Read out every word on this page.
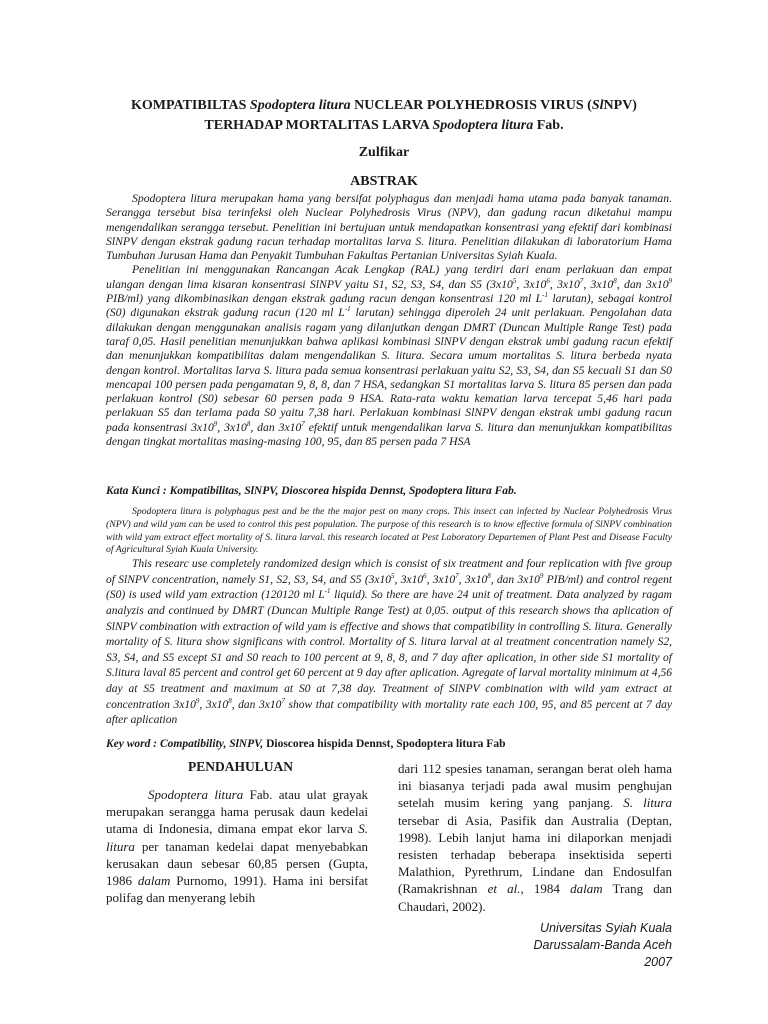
KOMPATIBILTAS Spodoptera litura NUCLEAR POLYHEDROSIS VIRUS (SlNPV)
TERHADAP MORTALITAS LARVA Spodoptera litura Fab.
Zulfikar
ABSTRAK

Spodoptera litura merupakan hama yang bersifat polyphagus dan menjadi hama utama pada banyak tanaman. Serangga tersebut bisa terinfeksi oleh Nuclear Polyhedrosis Virus (NPV), dan gadung racun diketahui mampu mengendalikan serangga tersebut. Penelitian ini bertujuan untuk mendapatkan konsentrasi yang efektif dari kombinasi SlNPV dengan ekstrak gadung racun terhadap mortalitas larva S. litura. Penelitian dilakukan di laboratorium Hama Tumbuhan Jurusan Hama dan Penyakit Tumbuhan Fakultas Pertanian Universitas Syiah Kuala.

Penelitian ini menggunakan Rancangan Acak Lengkap (RAL) yang terdiri dari enam perlakuan dan empat ulangan dengan lima kisaran konsentrasi SlNPV yaitu S1, S2, S3, S4, dan S5 ($3x10^5$, $3x10^6$, $3x10^7$, $3x10^8$, dan $3x10^9$ PIB/ml) yang dikombinasikan dengan ekstrak gadung racun dengan konsentrasi 120 ml $L^{-1}$ larutan), sebagai kontrol (S0) digunakan ekstrak gadung racun (120 ml $L^{-1}$ larutan) sehingga diperoleh 24 unit perlakuan. Pengolahan data dilakukan dengan menggunakan analisis ragam yang dilanjutkan dengan DMRT (Duncan Multiple Range Test) pada taraf 0,05. Hasil penelitian menunjukkan bahwa aplikasi kombinasi SlNPV dengan ekstrak umbi gadung racun efektif dan menunjukkan kompatibilitas dalam mengendalikan S. litura. Secara umum mortalitas S. litura berbeda nyata dengan kontrol. Mortalitas larva S. litura pada semua konsentrasi perlakuan yaitu S2, S3, S4, dan S5 kecuali S1 dan S0 mencapai 100 persen pada pengamatan 9, 8, 8, dan 7 HSA, sedangkan S1 mortalitas larva S. litura 85 persen dan pada perlakuan kontrol (S0) sebesar 60 persen pada 9 HSA. Rata-rata waktu kematian larva tercepat 5,46 hari pada perlakuan S5 dan terlama pada S0 yaitu 7,38 hari. Perlakuan kombinasi SlNPV dengan ekstrak umbi gadung racun pada konsentrasi $3x10^9$, $3x10^8$, dan $3x10^7$ efektif untuk mengendalikan larva S. litura dan menunjukkan kompatibilitas dengan tingkat mortalitas masing-masing 100, 95, dan 85 persen pada 7 HSA

Kata Kunci : Kompatibilitas, SlNPV, Dioscorea hispida Dennst, Spodoptera litura Fab.

Spodoptera litura is polyphagus pest and be the the major pest on many crops. This insect can infected by Nuclear Polyhedrosis Virus (NPV) and wild yam can be used to control this pest population. The purpose of this research is to know effective formula of SlNPV combination with wild yam extract effect mortality of S. litura larval. this research located at Pest Laboratory Departemen of Plant Pest and Disease Faculty of Agricultural Syiah Kuala University.

This researc use completely randomized design which is consist of six treatment and four replication with five group of SlNPV concentration, namely S1, S2, S3, S4, and S5 ($3x10^5$, $3x10^6$, $3x10^7$, $3x10^8$, dan $3x10^9$ PIB/ml) and control regent (S0) is used wild yam extraction (120120 ml $L^{-1}$ liquid). So there are have 24 unit of treatment. Data analyzed by ragam analyzis and continued by DMRT (Duncan Multiple Range Test) at 0,05. output of this research shows tha aplication of SlNPV combination with extraction of wild yam is effective and shows that compatibility in controlling S. litura. Generally mortality of S. litura show significans with control. Mortality of S. litura larval at al treatment concentration namely S2, S3, S4, and S5 except S1 and S0 reach to 100 percent at 9, 8, 8, and 7 day after aplication, in other side S1 mortality of S.litura laval 85 percent and control get 60 percent at 9 day after aplication. Agregate of larval mortality minimum at 4,56 day at S5 treatment and maximum at S0 at 7,38 day. Treatment of SlNPV combination with wild yam extract at concentration $3x10^9$, $3x10^8$, dan $3x10^7$ show that compatibility with mortality rate each 100, 95, and 85 percent at 7 day after aplication

Key word : Compatibility, SlNPV, Dioscorea hispida Dennst, Spodoptera litura Fab

PENDAHULUAN

Spodoptera litura Fab. atau ulat grayak merupakan serangga hama perusak daun kedelai utama di Indonesia, dimana empat ekor larva S. litura per tanaman kedelai dapat menyebabkan kerusakan daun sebesar 60,85 persen (Gupta, 1986 dalam Purnomo, 1991). Hama ini bersifat polifag dan menyerang lebih

dari 112 spesies tanaman, serangan berat oleh hama ini biasanya terjadi pada awal musim penghujan setelah musim kering yang panjang. S. litura tersebar di Asia, Pasifik dan Australia (Deptan, 1998). Lebih lanjut hama ini dilaporkan menjadi resisten terhadap beberapa insektisida seperti Malathion, Pyrethrum, Lindane dan Endosulfan (Ramakrishnan et al., 1984 dalam Trang dan Chaudari, 2002).

Universitas Syiah Kuala
Darussalam-Banda Aceh
2007
